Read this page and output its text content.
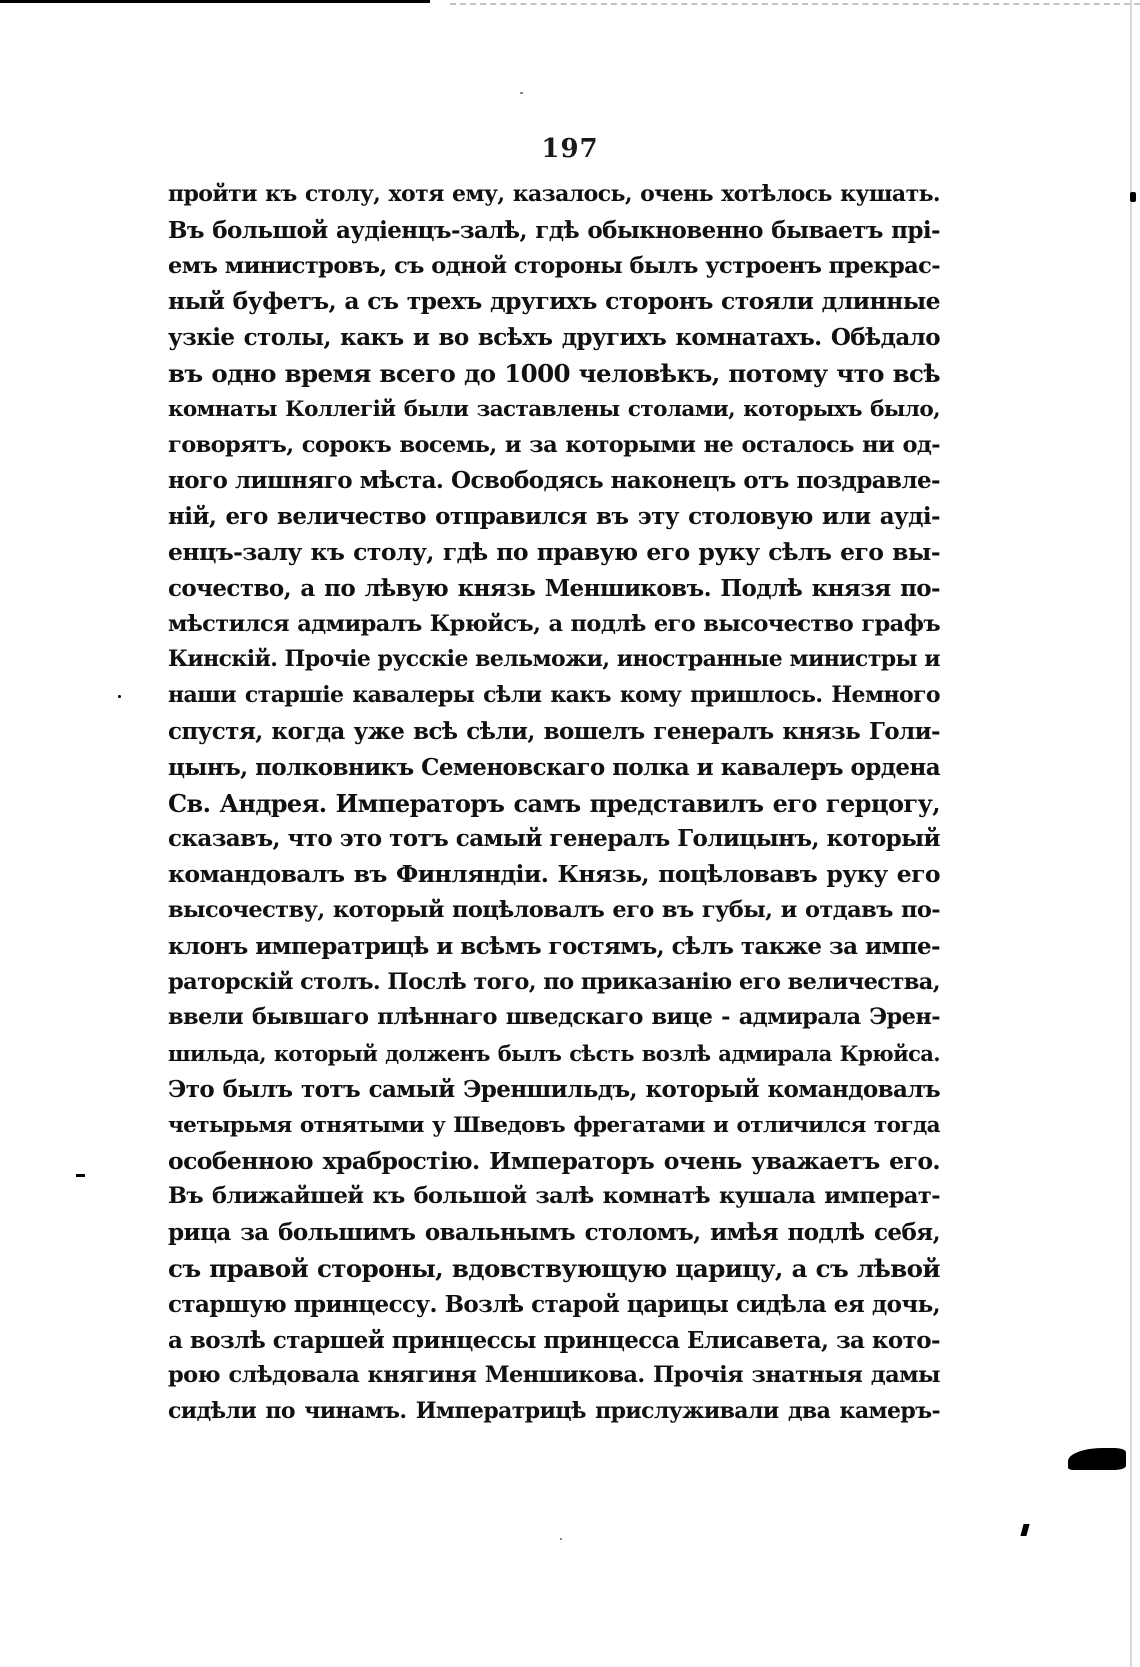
197
пройти къ столу, хотя ему, казалось, очень хотѣлось кушать.
Въ большой аудіенцъ-залѣ, гдѣ обыкновенно бываетъ прі-
емъ министровъ, съ одной стороны былъ устроенъ прекрас-
ный буфетъ, а съ трехъ другихъ сторонъ стояли длинные
узкіе столы, какъ и во всѣхъ другихъ комнатахъ. Обѣдало
въ одно время всего до 1000 человѣкъ, потому что всѣ
комнаты Коллегій были заставлены столами, которыхъ было,
говорятъ, сорокъ восемь, и за которыми не осталось ни од-
ного лишняго мѣста. Освободясь наконецъ отъ поздравле-
ній, его величество отправился въ эту столовую или ауді-
енцъ-залу къ столу, гдѣ по правую его руку сѣлъ его вы-
сочество, а по лѣвую князь Меншиковъ. Подлѣ князя по-
мѣстился адмиралъ Крюйсъ, а подлѣ его высочество графъ
Кинскій. Прочіе русскіе вельможи, иностранные министры и
наши старшіе кавалеры сѣли какъ кому пришлось. Немного
спустя, когда уже всѣ сѣли, вошелъ генералъ князь Голи-
цынъ, полковникъ Семеновскаго полка и кавалеръ ордена
Св. Андрея. Императоръ самъ представилъ его герцогу,
сказавъ, что это тотъ самый генералъ Голицынъ, который
командовалъ въ Финляндіи. Князь, поцѣловавъ руку его
высочеству, который поцѣловалъ его въ губы, и отдавъ по-
клонъ императрицѣ и всѣмъ гостямъ, сѣлъ также за импе-
раторскій столъ. Послѣ того, по приказанію его величества,
ввели бывшаго плѣннаго шведскаго вице - адмирала Эрен-
шильда, который долженъ былъ сѣсть возлѣ адмирала Крюйса.
Это былъ тотъ самый Эреншильдъ, который командовалъ
четырьмя отнятыми у Шведовъ фрегатами и отличился тогда
особенною храбростію. Императоръ очень уважаетъ его.
Въ ближайшей къ большой залѣ комнатѣ кушала императ-
рица за большимъ овальнымъ столомъ, имѣя подлѣ себя,
съ правой стороны, вдовствующую царицу, а съ лѣвой
старшую принцессу. Возлѣ старой царицы сидѣла ея дочь,
а возлѣ старшей принцессы принцесса Елисавета, за кото-
рою слѣдовала княгиня Меншикова. Прочія знатныя дамы
сидѣли по чинамъ. Императрицѣ прислуживали два камеръ-
